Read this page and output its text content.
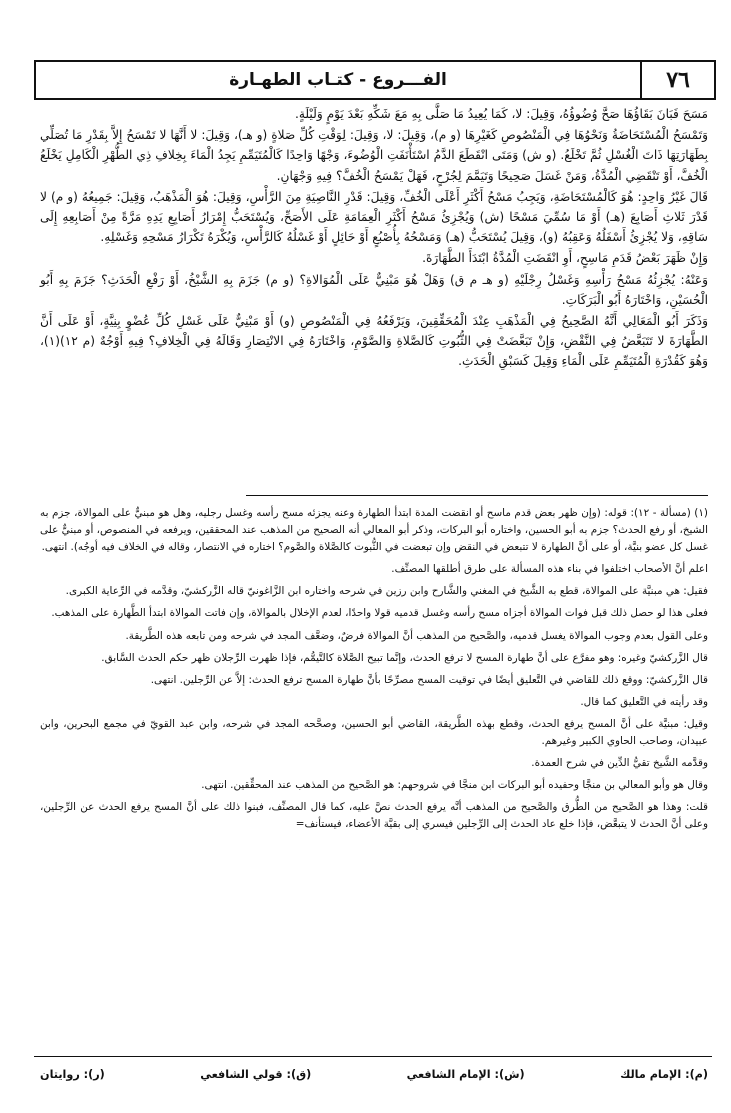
٧٦
الفـــروع - كتـاب الطهـارة

مَسَحَ فَبَانَ بَقَاؤُهَا صَحَّ وُضُوؤُهُ، وَقِيلَ: لا، كَمَا يُعِيدُ مَا صَلَّى بِهِ مَعَ شَكِّهِ بَعْدَ يَوْمٍ وَلَيْلَةٍ.

وَتَمْسَحُ الْمُسْتَحَاضَةُ وَنَحْوُهَا فِي الْمَنْصُوصِ كَغَيْرِهَا (و م)، وَقِيلَ: لا، وَقِيلَ: لِوَقْتِ كُلِّ صَلاةٍ (و هـ)، وَقِيلَ: لا أَنَّهَا لا تَمْسَحُ إِلاَّ بِقَدْرِ مَا تُصَلِّي بِطَهَارَتِهَا ذَاتَ الْغُسْلِ ثُمَّ تَخْلَعُ. (و ش) وَمَتَى انْقَطَعَ الدَّمُ اسْتَأْنَفَتِ الْوُضُوءَ، وَجْهًا وَاحِدًا كَالْمُتَيَمِّمِ يَجِدُ الْمَاءَ بِخِلافِ ذِي الطُّهْرِ الْكَامِلِ يَخْلَعُ الْخُفَّ، أَوْ تَنْقَضِي الْمُدَّةُ، وَمَنْ غَسَلَ صَحِيحًا وَتَيَمَّمَ لِجُرْحٍ، فَهَلْ يَمْسَحُ الْخُفَّ؟ فِيهِ وَجْهَانِ.

قَالَ غَيْرُ وَاحِدٍ: هُوَ كَالْمُسْتَحَاضَةِ، وَيَجِبُ مَسْحُ أَكْثَرِ أَعْلَى الْخُفِّ، وَقِيلَ: قَدْرِ النَّاصِيَةِ مِنَ الرَّأْسِ، وَقِيلَ: هُوَ الْمَذْهَبُ، وَقِيلَ: جَمِيعُهُ (و م) لا قَدْرَ ثَلاثِ أَصَابِعَ (هـ) أَوْ مَا سُمِّيَ مَسْحًا (ش) وَيُجْزِئُ مَسْحُ أَكْثَرِ الْعِمَامَةِ عَلَى الأَصَحِّ، وَيُسْتَحَبُّ إِمْرَارُ أَصَابِعِ يَدِهِ مَرَّةً مِنْ أَصَابِعِهِ إِلَى سَاقِهِ، وَلا يُجْزِئُ أَسْفَلُهُ وَعَقِبُهُ (و)، وَقِيلَ يُسْتَحَبُّ (هـ) وَمَسْحُهُ بِأُصْبُعٍ أَوْ حَائِلٍ أَوْ غَسْلُهُ كَالرَّأْسِ، وَيُكْرَهُ تَكْرَارُ مَسْحِهِ وَغَسْلِهِ.

وَإِنْ ظَهَرَ بَعْضُ قَدَمِ مَاسِحٍ، أَوِ انْقَضَتِ الْمُدَّةُ ابْتَدَأَ الطَّهَارَةَ.

وَعَنْهُ: يُجْزِئُهُ مَسْحُ رَأْسِهِ وَغَسْلُ رِجْلَيْهِ (و هـ م ق) وَهَلْ هُوَ مَبْنِيٌّ عَلَى الْمُوَالاةِ؟ (و م) جَزَمَ بِهِ الشَّيْخُ، أَوْ رَفْعِ الْحَدَثِ؟ جَزَمَ بِهِ أَبُو الْحُسَيْنِ، وَاخْتَارَهُ أَبُو الْبَرَكَاتِ.

وَذَكَرَ أَبُو الْمَعَالِي أَنَّهُ الصَّحِيحُ فِي الْمَذْهَبِ عِنْدَ الْمُحَقِّقِينَ، وَيَرْفَعُهُ فِي الْمَنْصُوصِ (و) أَوْ مَبْنِيٌّ عَلَى غَسْلِ كُلِّ عُضْوٍ بِنِيَّةٍ، أَوْ عَلَى أَنَّ الطَّهَارَةَ لا تَتَبَعَّضُ فِي النَّقْضِ، وَإِنْ تَبَعَّضَتْ فِي الثُّبُوتِ كَالصَّلاةِ وَالصَّوْمِ، وَاخْتَارَهُ فِي الانْتِصَارِ وَقَالَهُ فِي الْخِلافِ؟ فِيهِ أَوْجُهٌ (م ١٢)(١)، وَهُوَ كَقُدْرَةِ الْمُتَيَمِّمِ عَلَى الْمَاءِ وَقِيلَ كَسَبْقِ الْحَدَثِ.

(١) (مسألة - ١٢): قوله: (وإن ظهر بعض قدم ماسح أو انقضت المدة ابتدأ الطهارة وعنه يجزئه مسح رأسه وغسل رجليه، وهل هو مبنيٌّ على الموالاة، جزم به الشيخ، أو رفع الحدث؟ جزم به أبو الحسين، واختاره أبو البركات، وذكر أبو المعالي أنه الصحيح من المذهب عند المحققين، ويرفعه في المنصوص، أو مبنيٌّ على غسل كل عضو بنيَّة، أو على أنَّ الطهارة لا تتبعض في النقض وإن تبعضت في الثُّبوت كالصَّلاة والصَّوم؟ اختاره في الانتصار، وقاله في الخلاف فيه أوجُه). انتهى.

اعلم أنَّ الأصحاب اختلفوا في بناء هذه المسألة على طرق أطلقها المصنِّف.

فقيل: هي مبنيَّة على الموالاة، قطع به الشَّيخ في المغني والشَّارح وابن رزين في شرحه واختاره ابن الزَّاغونيّ قاله الزَّركشيّ، وقدَّمه في الرِّعاية الكبرى.

فعلى هذا لو حصل ذلك قبل فوات الموالاة أجزاه مسح رأسه وغسل قدميه قولا واحدًا، لعدم الإخلال بالموالاة، وإن فاتت الموالاة ابتدأ الطَّهارة على المذهب.

وعلى القول بعدم وجوب الموالاة يغسل قدميه، والصَّحيح من المذهب أنَّ الموالاة فرضٌ، وضعَّف المجد في شرحه ومن تابعه هذه الطَّريقة.

قال الزَّركشيّ وغيره: وهو مفرَّع على أنَّ طهارة المسح لا ترفع الحدث، وإنَّما تبيح الصَّلاة كالتَّيمُّم، فإذا ظهرت الرِّجلان ظهر حكم الحدث السَّابق.

قال الزَّركشيّ: ووقع ذلك للقاضي في التَّعليق أيضًا في توقيت المسح مصرِّحًا بأنَّ طهارة المسح ترفع الحدث: إلاَّ عن الرِّجلين. انتهى.

وقد رأيته في التَّعليق كما قال.

وقيل: مبنيَّة على أنَّ المسح يرفع الحدث، وقطع بهذه الطَّريقة، القاضي أبو الحسين، وصحَّحه المجد في شرحه، وابن عبد القويّ في مجمع البحرين، وابن عبيدان، وصاحب الحاوي الكبير وغيرهم.

وقدَّمه الشَّيخ تقيُّ الدِّين في شرح العمدة.

وقال هو وأبو المعالي بن منجَّا وحفيده أبو البركات ابن منجَّا في شروحهم: هو الصَّحيح من المذهب عند المحقِّقين. انتهى.

قلت: وهذا هو الصَّحيح من الطُّرق والصَّحيح من المذهب أنَّه يرفع الحدث نصَّ عليه، كما قال المصنِّف، فبنوا ذلك على أنَّ المسح يرفع الحدث عن الرِّجلين، وعلى أنَّ الحدث لا يتبعَّض، فإذا خلع عاد الحدث إلى الرِّجلين فيسري إلى بقيَّة الأعضاء، فيستأنف=

(م): الإمام مالك
(ش): الإمام الشافعي
(ق): قولي الشافعي
(ر): روايتان
